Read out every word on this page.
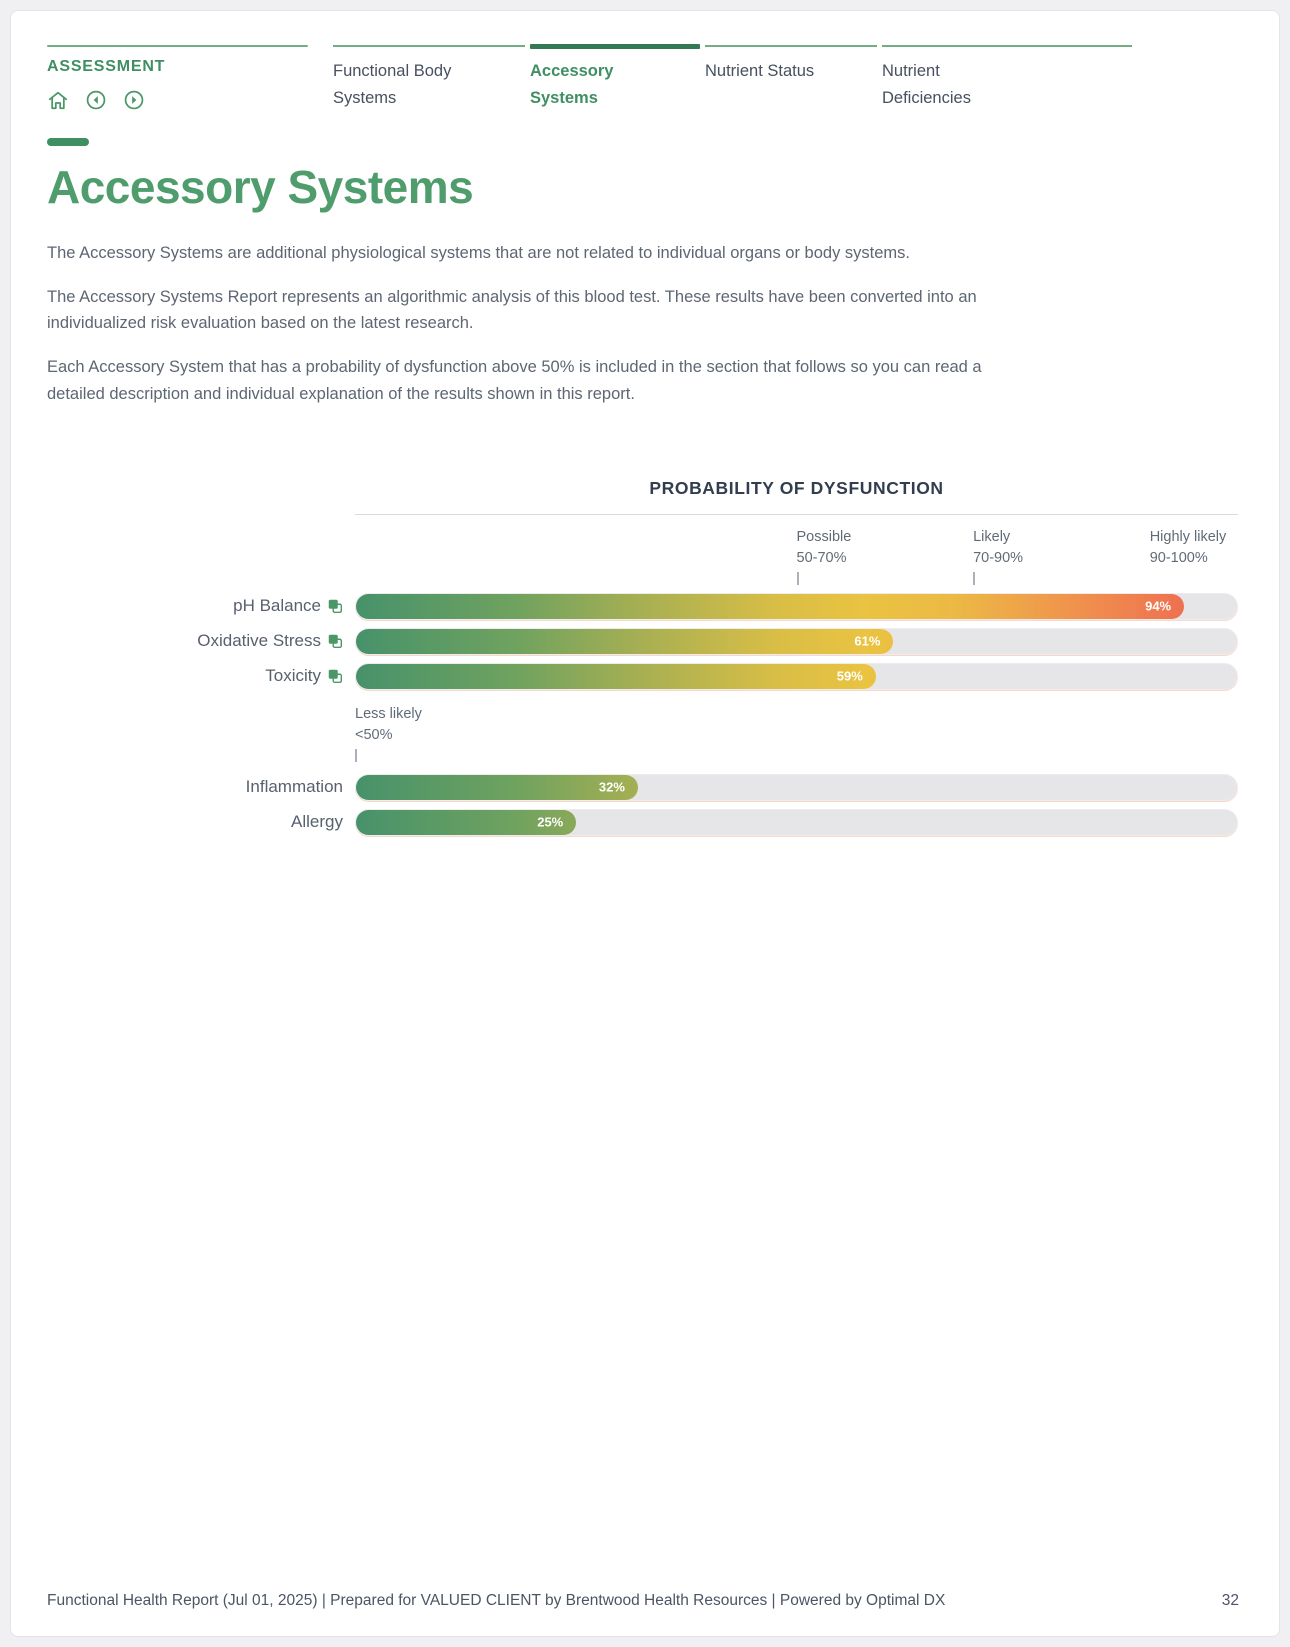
ASSESSMENT	Functional Body Systems
Accessory Systems
Nutrient Status	Nutrient Deficiencies
Accessory Systems

The Accessory Systems are additional physiological systems that are not related to individual organs or body systems.

The Accessory Systems Report represents an algorithmic analysis of this blood test. These results have been converted into an individualized risk evaluation based on the latest research.

Each Accessory System that has a probability of dysfunction above 50% is included in the section that follows so you can read a detailed description and individual explanation of the results shown in this report.

PROBABILITY OF DYSFUNCTION
Possible
50-70%
Likely
70-90%
Highly likely
90-100%
pH Balance	94%
Oxidative Stress	61%
Toxicity	59%
Less likely
<50%
Inflammation	32%
Allergy	25%
Functional Health Report (Jul 01, 2025) | Prepared for VALUED CLIENT by Brentwood Health Resources | Powered by Optimal DX	32
